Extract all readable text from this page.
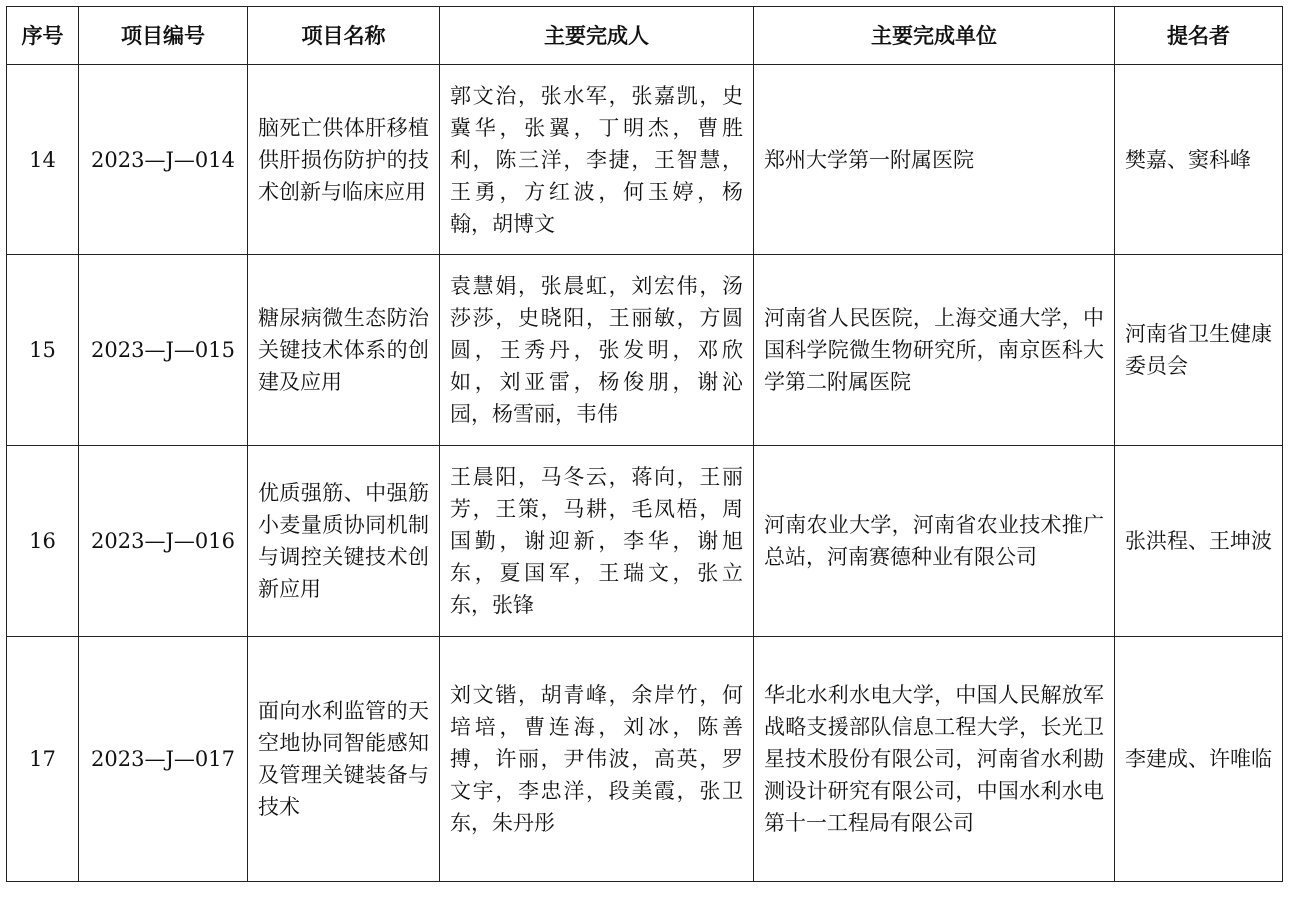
序号	项目编号	项目名称	主要完成人	主要完成单位	提名者
14	2023—J—014	脑死亡供体肝移植供肝损伤防护的技术创新与临床应用	郭文治，张水军，张嘉凯，史冀华，张翼，丁明杰，曹胜利，陈三洋，李捷，王智慧，王勇，方红波，何玉婷，杨翰，胡博文	郑州大学第一附属医院	樊嘉、窦科峰
15	2023—J—015	糖尿病微生态防治关键技术体系的创建及应用	袁慧娟，张晨虹，刘宏伟，汤莎莎，史晓阳，王丽敏，方圆圆，王秀丹，张发明，邓欣如，刘亚雷，杨俊朋，谢沁园，杨雪丽，韦伟	河南省人民医院，上海交通大学，中国科学院微生物研究所，南京医科大学第二附属医院	河南省卫生健康委员会
16	2023—J—016	优质强筋、中强筋小麦量质协同机制与调控关键技术创新应用	王晨阳，马冬云，蒋向，王丽芳，王策，马耕，毛凤梧，周国勤，谢迎新，李华，谢旭东，夏国军，王瑞文，张立东，张锋	河南农业大学，河南省农业技术推广总站，河南赛德种业有限公司	张洪程、王坤波
17	2023—J—017	面向水利监管的天空地协同智能感知及管理关键装备与技术	刘文锴，胡青峰，余岸竹，何培培，曹连海，刘冰，陈善搏，许丽，尹伟波，高英，罗文宇，李忠洋，段美霞，张卫东，朱丹彤	华北水利水电大学，中国人民解放军战略支援部队信息工程大学，长光卫星技术股份有限公司，河南省水利勘测设计研究有限公司，中国水利水电第十一工程局有限公司	李建成、许唯临
